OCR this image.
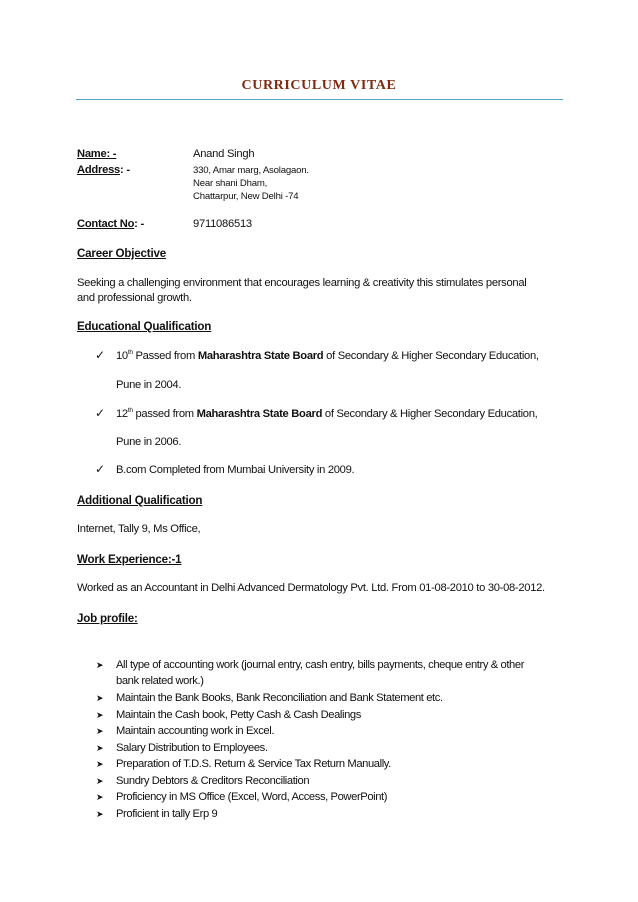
CURRICULUM VITAE
Name: -	Anand Singh
Address: -	330, Amar marg, Asolagaon.
Near shani Dham,
Chattarpur, New Delhi -74
Contact No: -	9711086513
Career Objective
Seeking a challenging environment that encourages learning & creativity this stimulates personal
and professional growth.
Educational Qualification
✓ 10th Passed from Maharashtra State Board of Secondary & Higher Secondary Education,
Pune in 2004.
✓ 12th passed from Maharashtra State Board of Secondary & Higher Secondary Education,
Pune in 2006.
✓ B.com Completed from Mumbai University in 2009.
Additional Qualification
Internet, Tally 9, Ms Office,
Work Experience:-1
Worked as an Accountant in Delhi Advanced Dermatology Pvt. Ltd. From 01-08-2010 to 30-08-2012.
Job profile:
➤ All type of accounting work (journal entry, cash entry, bills payments, cheque entry & other
bank related work.)
➤ Maintain the Bank Books, Bank Reconciliation and Bank Statement etc.
➤ Maintain the Cash book, Petty Cash & Cash Dealings
➤ Maintain accounting work in Excel.
➤ Salary Distribution to Employees.
➤ Preparation of T.D.S. Return & Service Tax Return Manually.
➤ Sundry Debtors & Creditors Reconciliation
➤ Proficiency in MS Office (Excel, Word, Access, PowerPoint)
➤ Proficient in tally Erp 9
